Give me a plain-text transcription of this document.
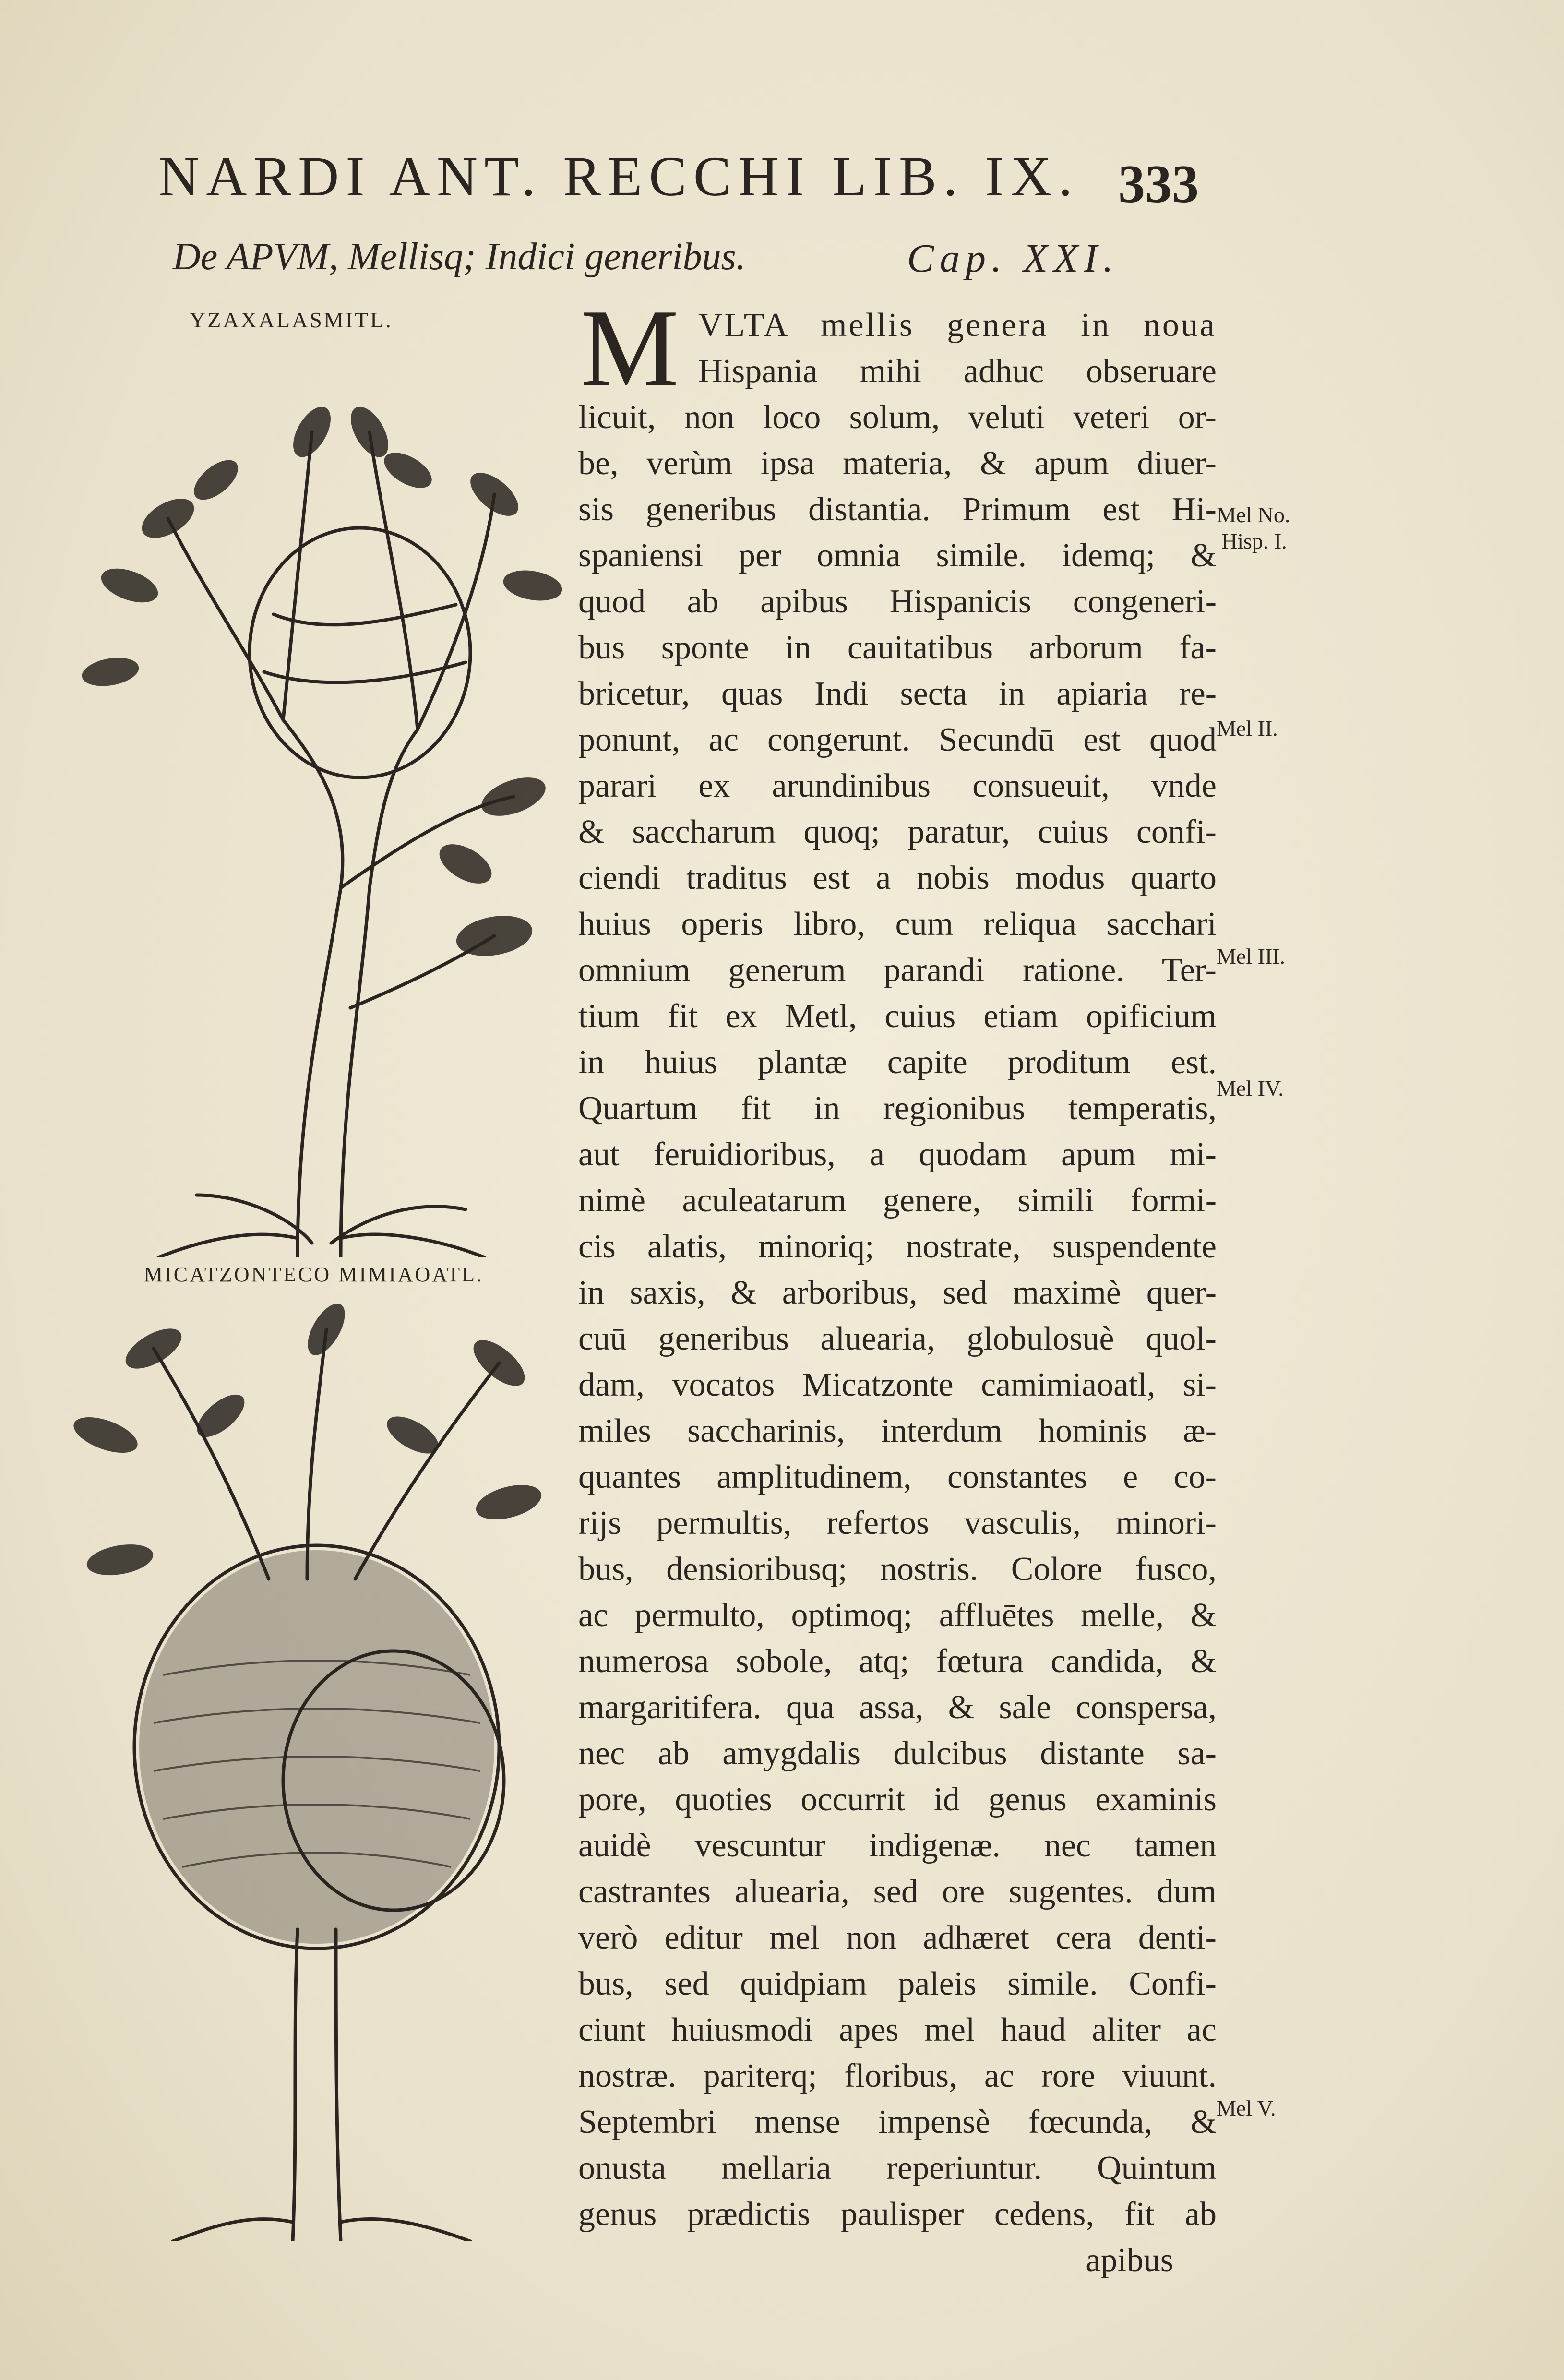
NARDI ANT. RECCHI LIB. IX. 333
De APVM, Mellisq; Indici generibus.	Cap. XXI.
YZAXALASMITL.
MICATZONTECO MIMIAOATL.
M VLTA mellis genera in noua
Hispania mihi adhuc obseruare
licuit, non loco solum, veluti veteri or-
be, verùm ipsa materia, & apum diuer-
sis generibus distantia. Primum est Hi-
spaniensi per omnia simile. idemq; &
quod ab apibus Hispanicis congeneri-
bus sponte in cauitatibus arborum fa-
bricetur, quas Indi secta in apiaria re-
ponunt, ac congerunt. Secundū est quod
parari ex arundinibus consueuit, vnde
& saccharum quoq; paratur, cuius confi-
ciendi traditus est a nobis modus quarto
huius operis libro, cum reliqua sacchari
omnium generum parandi ratione. Ter-
tium fit ex Metl, cuius etiam opificium
in huius plantæ capite proditum est.
Quartum fit in regionibus temperatis,
aut feruidioribus, a quodam apum mi-
nimè aculeatarum genere, simili formi-
cis alatis, minoriq; nostrate, suspendente
in saxis, & arboribus, sed maximè quer-
cuū generibus aluearia, globulosuè quol-
dam, vocatos Micatzonte camimiaoatl, si-
miles saccharinis, interdum hominis æ-
quantes amplitudinem, constantes e co-
rijs permultis, refertos vasculis, minori-
bus, densioribusq; nostris. Colore fusco,
ac permulto, optimoq; affluētes melle, &
numerosa sobole, atq; fœtura candida, &
margaritifera. qua assa, & sale conspersa,
nec ab amygdalis dulcibus distante sa-
pore, quoties occurrit id genus examinis
auidè vescuntur indigenæ. nec tamen
castrantes aluearia, sed ore sugentes. dum
verò editur mel non adhæret cera denti-
bus, sed quidpiam paleis simile. Confi-
ciunt huiusmodi apes mel haud aliter ac
nostræ. pariterq; floribus, ac rore viuunt.
Septembri mense impensè fœcunda, &
onusta mellaria reperiuntur. Quintum
genus prædictis paulisper cedens, fit ab
apibus
Mel No.
Hisp. I.
Mel II.
Mel III.
Mel IV.
Mel V.
